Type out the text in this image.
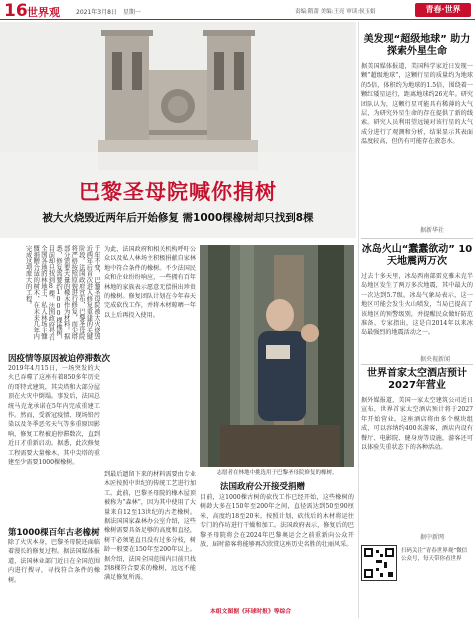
16 世界观	2021年3月8日　星期一	责编:隋蕾 美编:王亮 审读:侯玉娟	青春·世界
巴黎圣母院喊你捐树
被大火烧毁近两年后开始修复 需1000棵橡树却只找到8棵
千年不变，巴黎圣母院被大火烧毁近两年后首次进入修复重建的关键阶段。法国政府宣布，巴黎圣母院将严格按照原貌进行修复，而尖塔部分需要大量的橡木作为材料。据悉，修复需要约1000棵橡树，目前却只找到8棵，法国政府号召全国各地的林地主、私人林场主慷慨捐赠合适的树木，在未来几年内完成这项庞大的工程。
志愿者在林地中挑选用于巴黎圣母院修复的橡树。
因疫情等原因被迫停滞数次
2019年4月15日，一场突发的大火已吞噬了这座有着850多年历史的哥特式建筑，其尖塔和大部分屋顶在火灾中倒塌。事发后，法国总统马克龙承诺在5年内完成重建工作。然而，受新冠疫情、现场铅污染以及冬季恶劣天气等多重原因影响，修复工程被迫停滞数次，直到近日才重新启动。据悉，此次修复工程需要大量橡木，其中尖塔的重建至少需要1000棵橡树。
第1000棵百年古老橡树
除了火灾本身，巴黎圣母院还面临着漫长的修复过程。据法国媒体报道，法国林业部门近日在全国范围内进行搜寻，寻找符合条件的橡树。
为此，法国政府和相关机构呼吁公众以及私人林场主积极捐献自家林地中符合条件的橡树。不少法国民众和企业纷纷响应，一些拥有百年林地的家族表示愿意无偿捐出珍贵的橡树。修复团队计划在今年春天完成砍伐工作，并将木材晾晒一年以上后再投入使用。
到最后遗留下来的材料需要由专业木匠按照中世纪的传统工艺进行加工。此前，巴黎圣母院的橡木屋顶被称为“森林”，因为其中使用了大量来自12至13世纪的古老橡树。据法国国家森林办公室介绍，这些橡树需要具备足够的高度和直径，树干必须笔直且没有过多分枝，树龄一般要在150年至200年以上。据介绍，法国全国范围内目前只找到8棵符合要求的橡树，远远不能满足修复所需。
法国政府公开接受捐赠
目前，这1000棵古树的砍伐工作已经开始，这些橡树的树龄大多在150年至200年之间，直径需达到50至90厘米，高度约18至20米。按照计划，砍伐后的木材将运往专门的作坊进行干燥和加工。法国政府表示，修复后的巴黎圣母院将会在2024年巴黎奥运会之前重新向公众开放，届时游客将能够再次欣赏这座历史名胜的壮丽风采。
本组文图据《环球时报》等综合
美发现“超级地球” 助力探索外星生命
据美国媒体报道，美国科学家近日发现一颗“超级地球”，这颗行星的质量约为地球的5倍，体积约为地球的1.5倍，围绕着一颗红矮星运行，距离地球约26光年。研究团队认为，这颗行星可能具有稀薄的大气层，为研究外星生命的存在提供了新的线索。研究人员利用望远镜对该行星的大气成分进行了观测和分析，结果显示其表面温度较高，但仍有可能存在液态水。
据新华社
冰岛火山“蠢蠢欲动” 10天地震两万次
过去十多天里，冰岛西南部雷克雅未克半岛地区发生了两万多次地震，其中最大的一次达到5.7级。冰岛气象局表示，这一地区可能会发生火山喷发，当局已提高了该地区的预警级别，并提醒民众做好防范准备。专家指出，这是自2014年以来冰岛最强烈的地震活动之一。
据央视新闻
世界首家太空酒店预计2027年营业
据外媒报道，美国一家太空建筑公司近日宣布，世界首家太空酒店预计将于2027年开始营业。这座酒店将由多个模块组成，可以容纳约400名游客，酒店内设有餐厅、电影院、健身房等设施，游客还可以体验失重状态下的各种活动。
据中新网
扫码关注“青春世界观”微信公众号，每天带你看世界
